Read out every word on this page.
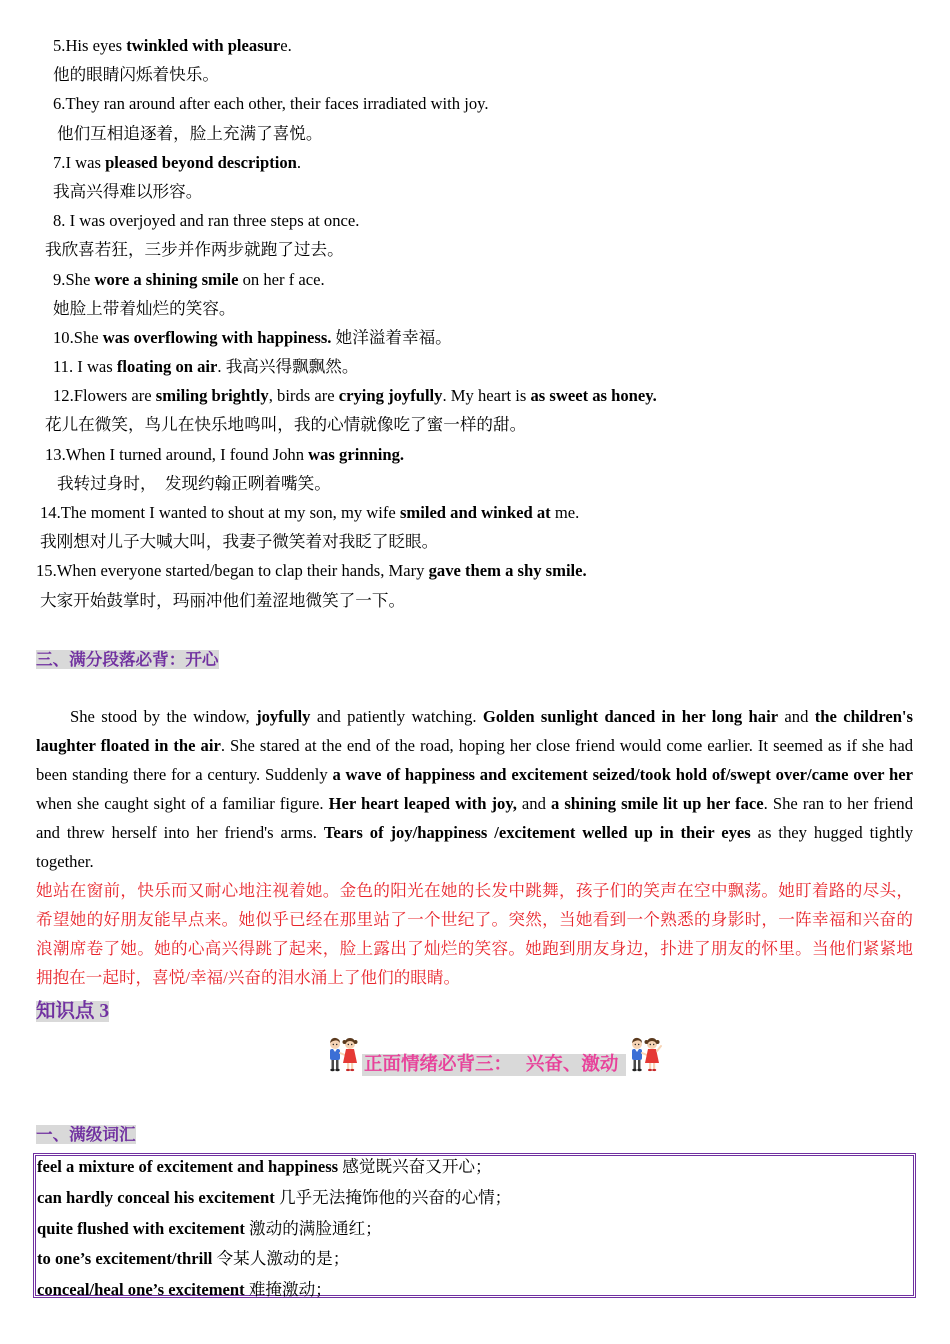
5.His eyes twinkled with pleasure.
他的眼睛闪烁着快乐。
6.They ran around after each other, their faces irradiated with joy.
他们互相追逐着，脸上充满了喜悦。
7.I was pleased beyond description.
我高兴得难以形容。
8. I was overjoyed and ran three steps at once.
我欣喜若狂，三步并作两步就跑了过去。
9.She wore a shining smile on her f ace.
她脸上带着灿烂的笑容。
10.She was overflowing with happiness. 她洋溢着幸福。
11. I was floating on air. 我高兴得飘飘然。
12.Flowers are smiling brightly, birds are crying joyfully. My heart is as sweet as honey.
花儿在微笑，鸟儿在快乐地鸣叫，我的心情就像吃了蜜一样的甜。
13.When I turned around, I found John was grinning.
我转过身时，　发现约翰正咧着嘴笑。
14.The moment I wanted to shout at my son, my wife smiled and winked at me.
我刚想对儿子大喊大叫，我妻子微笑着对我眨了眨眼。
15.When everyone started/began to clap their hands, Mary gave them a shy smile.
大家开始鼓掌时，玛丽冲他们羞涩地微笑了一下。
三、满分段落必背：开心

She stood by the window, joyfully and patiently watching. Golden sunlight danced in her long hair and the children's laughter floated in the air. She stared at the end of the road, hoping her close friend would come earlier. It seemed as if she had been standing there for a century. Suddenly a wave of happiness and excitement seized/took hold of/swept over/came over her when she caught sight of a familiar figure. Her heart leaped with joy, and a shining smile lit up her face. She ran to her friend and threw herself into her friend's arms. Tears of joy/happiness /excitement welled up in their eyes as they hugged tightly together.

她站在窗前，快乐而又耐心地注视着她。金色的阳光在她的长发中跳舞，孩子们的笑声在空中飘荡。她盯着路的尽头，
希望她的好朋友能早点来。她似乎已经在那里站了一个世纪了。突然，当她看到一个熟悉的身影时，一阵幸福和兴奋的
浪潮席卷了她。她的心高兴得跳了起来，脸上露出了灿烂的笑容。她跑到朋友身边，扑进了朋友的怀里。当他们紧紧地
拥抱在一起时，喜悦/幸福/兴奋的泪水涌上了他们的眼睛。
知识点 3
正面情绪必背三：　 兴奋、激动
一、满级词汇
feel a mixture of excitement and happiness 感觉既兴奋又开心；
can hardly conceal his excitement 几乎无法掩饰他的兴奋的心情；
quite flushed with excitement 激动的满脸通红；
to one’s excitement/thrill 令某人激动的是；
conceal/heal one’s excitement 难掩激动；
